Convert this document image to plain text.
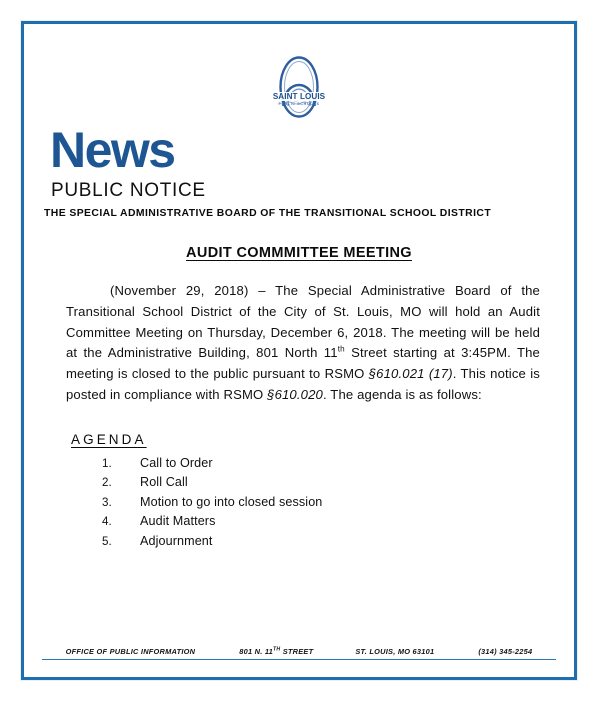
SAINT LOUIS
PUBLIC SCHOOLS
News
PUBLIC NOTICE
THE SPECIAL ADMINISTRATIVE BOARD OF THE TRANSITIONAL SCHOOL DISTRICT
AUDIT COMMMITTEE MEETING
(November 29, 2018) – The Special Administrative Board of the Transitional School District of the City of St. Louis, MO will hold an Audit Committee Meeting on Thursday, December 6, 2018. The meeting will be held at the Administrative Building, 801 North 11th Street starting at 3:45PM. The meeting is closed to the public pursuant to RSMO §610.021 (17). This notice is posted in compliance with RSMO §610.020. The agenda is as follows:
AGENDA
1.	Call to Order
2.	Roll Call
3.	Motion to go into closed session
4.	Audit Matters
5.	Adjournment
OFFICE OF PUBLIC INFORMATION	801 N. 11TH STREET	ST. LOUIS, MO 63101	(314) 345-2254
